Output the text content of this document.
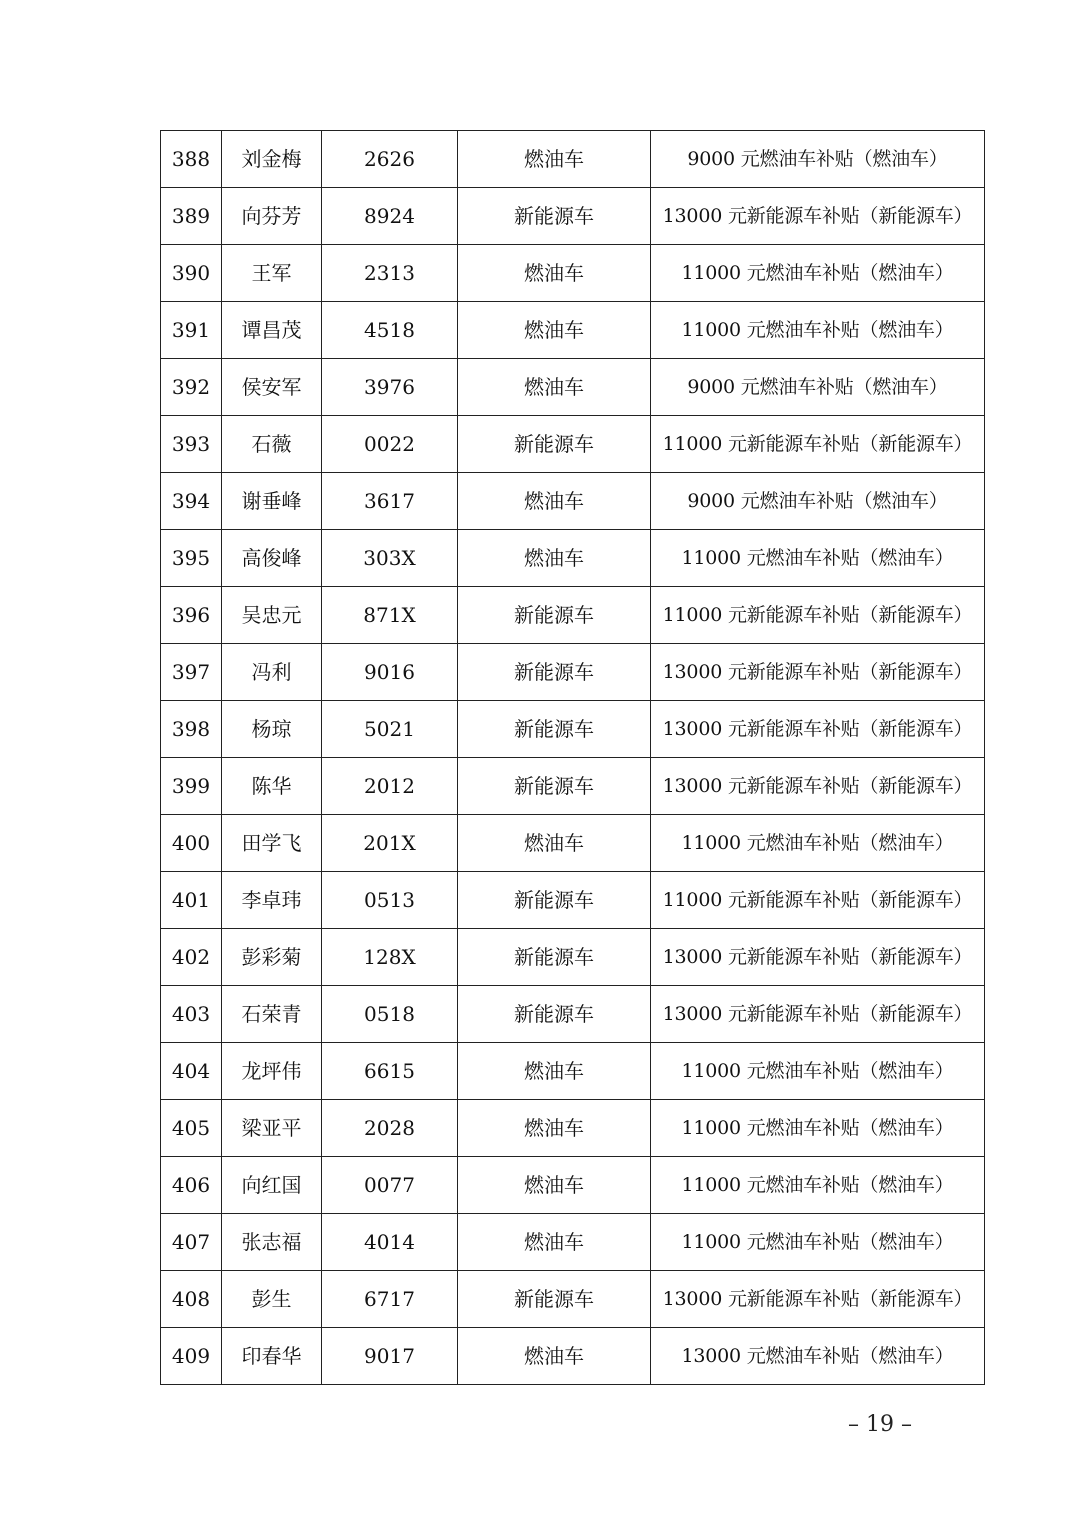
388	刘金梅	2626	燃油车	9000 元燃油车补贴（燃油车）
389	向芬芳	8924	新能源车	13000 元新能源车补贴（新能源车）
390	王军	2313	燃油车	11000 元燃油车补贴（燃油车）
391	谭昌茂	4518	燃油车	11000 元燃油车补贴（燃油车）
392	侯安军	3976	燃油车	9000 元燃油车补贴（燃油车）
393	石薇	0022	新能源车	11000 元新能源车补贴（新能源车）
394	谢垂峰	3617	燃油车	9000 元燃油车补贴（燃油车）
395	高俊峰	303X	燃油车	11000 元燃油车补贴（燃油车）
396	吴忠元	871X	新能源车	11000 元新能源车补贴（新能源车）
397	冯利	9016	新能源车	13000 元新能源车补贴（新能源车）
398	杨琼	5021	新能源车	13000 元新能源车补贴（新能源车）
399	陈华	2012	新能源车	13000 元新能源车补贴（新能源车）
400	田学飞	201X	燃油车	11000 元燃油车补贴（燃油车）
401	李卓玮	0513	新能源车	11000 元新能源车补贴（新能源车）
402	彭彩菊	128X	新能源车	13000 元新能源车补贴（新能源车）
403	石荣青	0518	新能源车	13000 元新能源车补贴（新能源车）
404	龙坪伟	6615	燃油车	11000 元燃油车补贴（燃油车）
405	梁亚平	2028	燃油车	11000 元燃油车补贴（燃油车）
406	向红国	0077	燃油车	11000 元燃油车补贴（燃油车）
407	张志福	4014	燃油车	11000 元燃油车补贴（燃油车）
408	彭生	6717	新能源车	13000 元新能源车补贴（新能源车）
409	印春华	9017	燃油车	13000 元燃油车补贴（燃油车）
– 19 –
